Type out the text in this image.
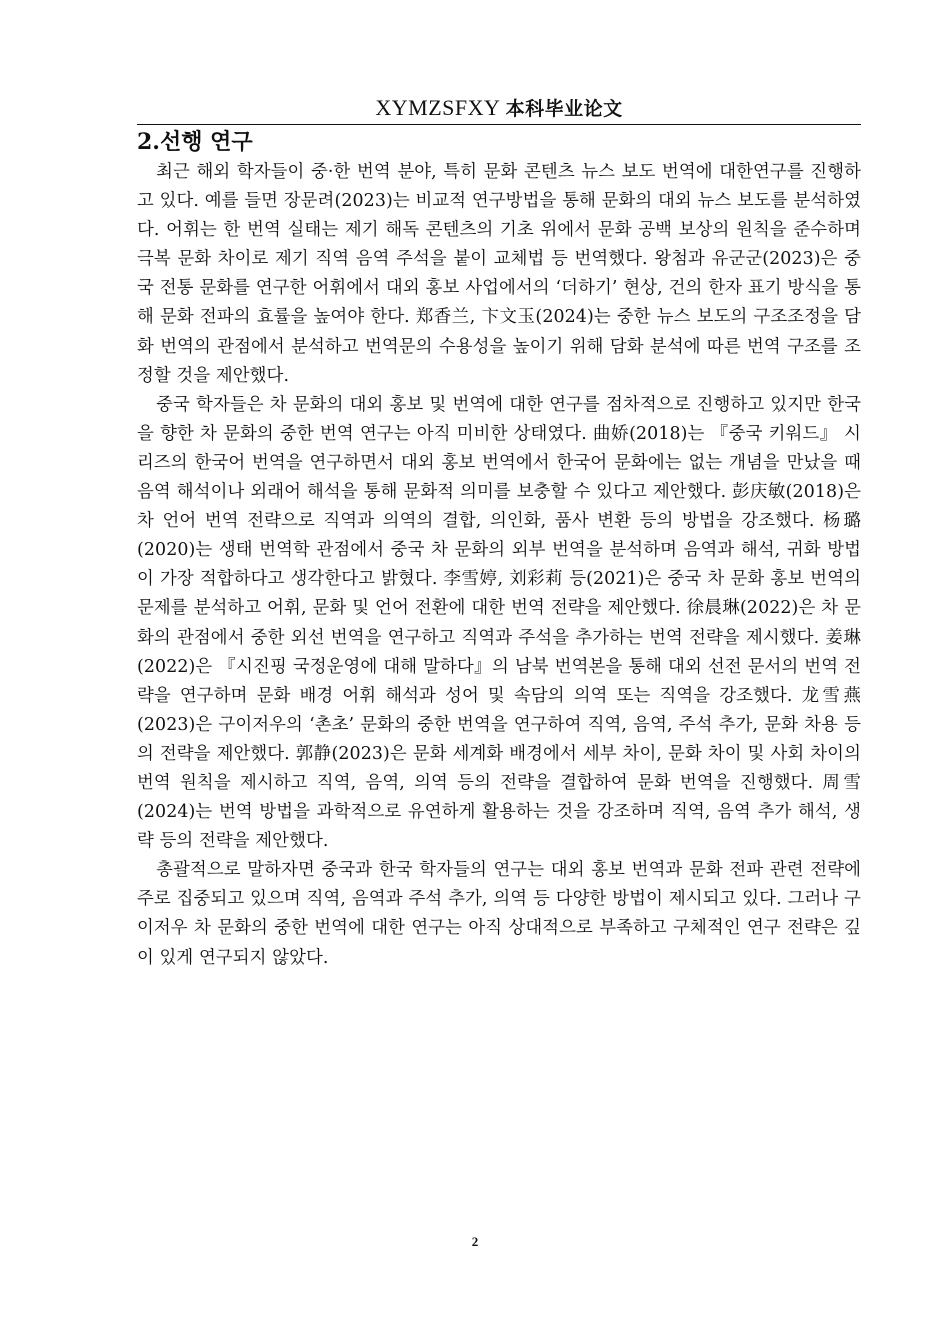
XYMZSFXY 本科毕业论文
2.선행 연구

최근 해외 학자들이 중·한 번역 분야, 특히 문화 콘텐츠 뉴스 보도 번역에 대한연구를 진행하고 있다. 예를 들면 장문려(2023)는 비교적 연구방법을 통해 문화의 대외 뉴스 보도를 분석하였다. 어휘는 한 번역 실태는 제기 해독 콘텐츠의 기초 위에서 문화 공백 보상의 원칙을 준수하며 극복 문화 차이로 제기 직역 음역 주석을 붙이 교체법 등 번역했다. 왕첨과 유군군(2023)은 중국 전통 문화를 연구한 어휘에서 대외 홍보 사업에서의 ‘더하기’ 현상, 건의 한자 표기 방식을 통해 문화 전파의 효률을 높여야 한다. 郑香兰, 卞文玉(2024)는 중한 뉴스 보도의 구조조정을 담화 번역의 관점에서 분석하고 번역문의 수용성을 높이기 위해 담화 분석에 따른 번역 구조를 조정할 것을 제안했다.

중국 학자들은 차 문화의 대외 홍보 및 번역에 대한 연구를 점차적으로 진행하고 있지만 한국을 향한 차 문화의 중한 번역 연구는 아직 미비한 상태였다. 曲娇(2018)는 『중국 키워드』 시리즈의 한국어 번역을 연구하면서 대외 홍보 번역에서 한국어 문화에는 없는 개념을 만났을 때 음역 해석이나 외래어 해석을 통해 문화적 의미를 보충할 수 있다고 제안했다. 彭庆敏(2018)은 차 언어 번역 전략으로 직역과 의역의 결합, 의인화, 품사 변환 등의 방법을 강조했다. 杨璐(2020)는 생태 번역학 관점에서 중국 차 문화의 외부 번역을 분석하며 음역과 해석, 귀화 방법이 가장 적합하다고 생각한다고 밝혔다. 李雪婷, 刘彩莉 등(2021)은 중국 차 문화 홍보 번역의 문제를 분석하고 어휘, 문화 및 언어 전환에 대한 번역 전략을 제안했다. 徐晨琳(2022)은 차 문화의 관점에서 중한 외선 번역을 연구하고 직역과 주석을 추가하는 번역 전략을 제시했다. 姜琳(2022)은 『시진핑 국정운영에 대해 말하다』의 남북 번역본을 통해 대외 선전 문서의 번역 전략을 연구하며 문화 배경 어휘 해석과 성어 및 속담의 의역 또는 직역을 강조했다. 龙雪燕(2023)은 구이저우의 ‘촌초’ 문화의 중한 번역을 연구하여 직역, 음역, 주석 추가, 문화 차용 등의 전략을 제안했다. 郭静(2023)은 문화 세계화 배경에서 세부 차이, 문화 차이 및 사회 차이의 번역 원칙을 제시하고 직역, 음역, 의역 등의 전략을 결합하여 문화 번역을 진행했다. 周雪(2024)는 번역 방법을 과학적으로 유연하게 활용하는 것을 강조하며 직역, 음역 추가 해석, 생략 등의 전략을 제안했다.

총괄적으로 말하자면 중국과 한국 학자들의 연구는 대외 홍보 번역과 문화 전파 관련 전략에 주로 집중되고 있으며 직역, 음역과 주석 추가, 의역 등 다양한 방법이 제시되고 있다. 그러나 구이저우 차 문화의 중한 번역에 대한 연구는 아직 상대적으로 부족하고 구체적인 연구 전략은 깊이 있게 연구되지 않았다.

2
